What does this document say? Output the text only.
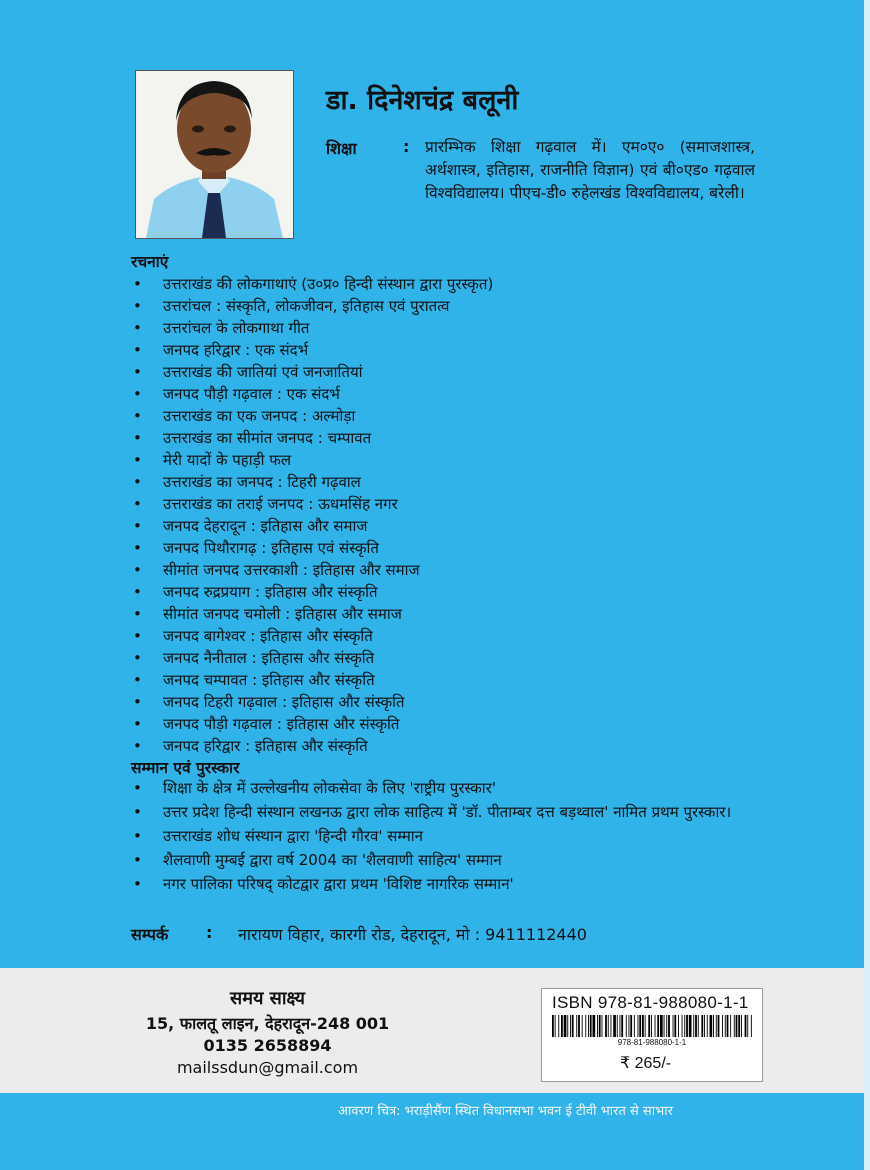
डा. दिनेशचंद्र बलूनी
शिक्षा	: प्रारम्भिक शिक्षा गढ़वाल में। एम०ए० (समाजशास्त्र, अर्थशास्त्र, इतिहास, राजनीति विज्ञान) एवं बी०एड० गढ़वाल विश्वविद्यालय। पीएच-डी० रुहेलखंड विश्वविद्यालय, बरेली।
रचनाएं
• उत्तराखंड की लोकगाथाएं (उ०प्र० हिन्दी संस्थान द्वारा पुरस्कृत)
• उत्तरांचल : संस्कृति, लोकजीवन, इतिहास एवं पुरातत्व
• उत्तरांचल के लोकगाथा गीत
• जनपद हरिद्वार : एक संदर्भ
• उत्तराखंड की जातियां एवं जनजातियां
• जनपद पौड़ी गढ़वाल : एक संदर्भ
• उत्तराखंड का एक जनपद : अल्मोड़ा
• उत्तराखंड का सीमांत जनपद : चम्पावत
• मेरी यादों के पहाड़ी फल
• उत्तराखंड का जनपद : टिहरी गढ़वाल
• उत्तराखंड का तराई जनपद : ऊधमसिंह नगर
• जनपद देहरादून : इतिहास और समाज
• जनपद पिथौरागढ़ : इतिहास एवं संस्कृति
• सीमांत जनपद उत्तरकाशी : इतिहास और समाज
• जनपद रुद्रप्रयाग : इतिहास और संस्कृति
• सीमांत जनपद चमोली : इतिहास और समाज
• जनपद बागेश्वर : इतिहास और संस्कृति
• जनपद नैनीताल : इतिहास और संस्कृति
• जनपद चम्पावत : इतिहास और संस्कृति
• जनपद टिहरी गढ़वाल : इतिहास और संस्कृति
• जनपद पौड़ी गढ़वाल : इतिहास और संस्कृति
• जनपद हरिद्वार : इतिहास और संस्कृति
सम्मान एवं पुरस्कार
• शिक्षा के क्षेत्र में उल्लेखनीय लोकसेवा के लिए 'राष्ट्रीय पुरस्कार'
• उत्तर प्रदेश हिन्दी संस्थान लखनऊ द्वारा लोक साहित्य में 'डॉ. पीताम्बर दत्त बड़थ्वाल' नामित प्रथम पुरस्कार।
• उत्तराखंड शोध संस्थान द्वारा 'हिन्दी गौरव' सम्मान
• शैलवाणी मुम्बई द्वारा वर्ष 2004 का 'शैलवाणी साहित्य' सम्मान
• नगर पालिका परिषद् कोटद्वार द्वारा प्रथम 'विशिष्ट नागरिक सम्मान'
सम्पर्क : नारायण विहार, कारगी रोड, देहरादून, मो : 9411112440
समय साक्ष्य
15, फालतू लाइन, देहरादून-248 001
0135 2658894
mailssdun@gmail.com
ISBN 978-81-988080-1-1
978-81-988080-1-1
₹ 265/-
आवरण चित्र: भराड़ीसैंण स्थित विधानसभा भवन ई टीवी भारत से साभार
